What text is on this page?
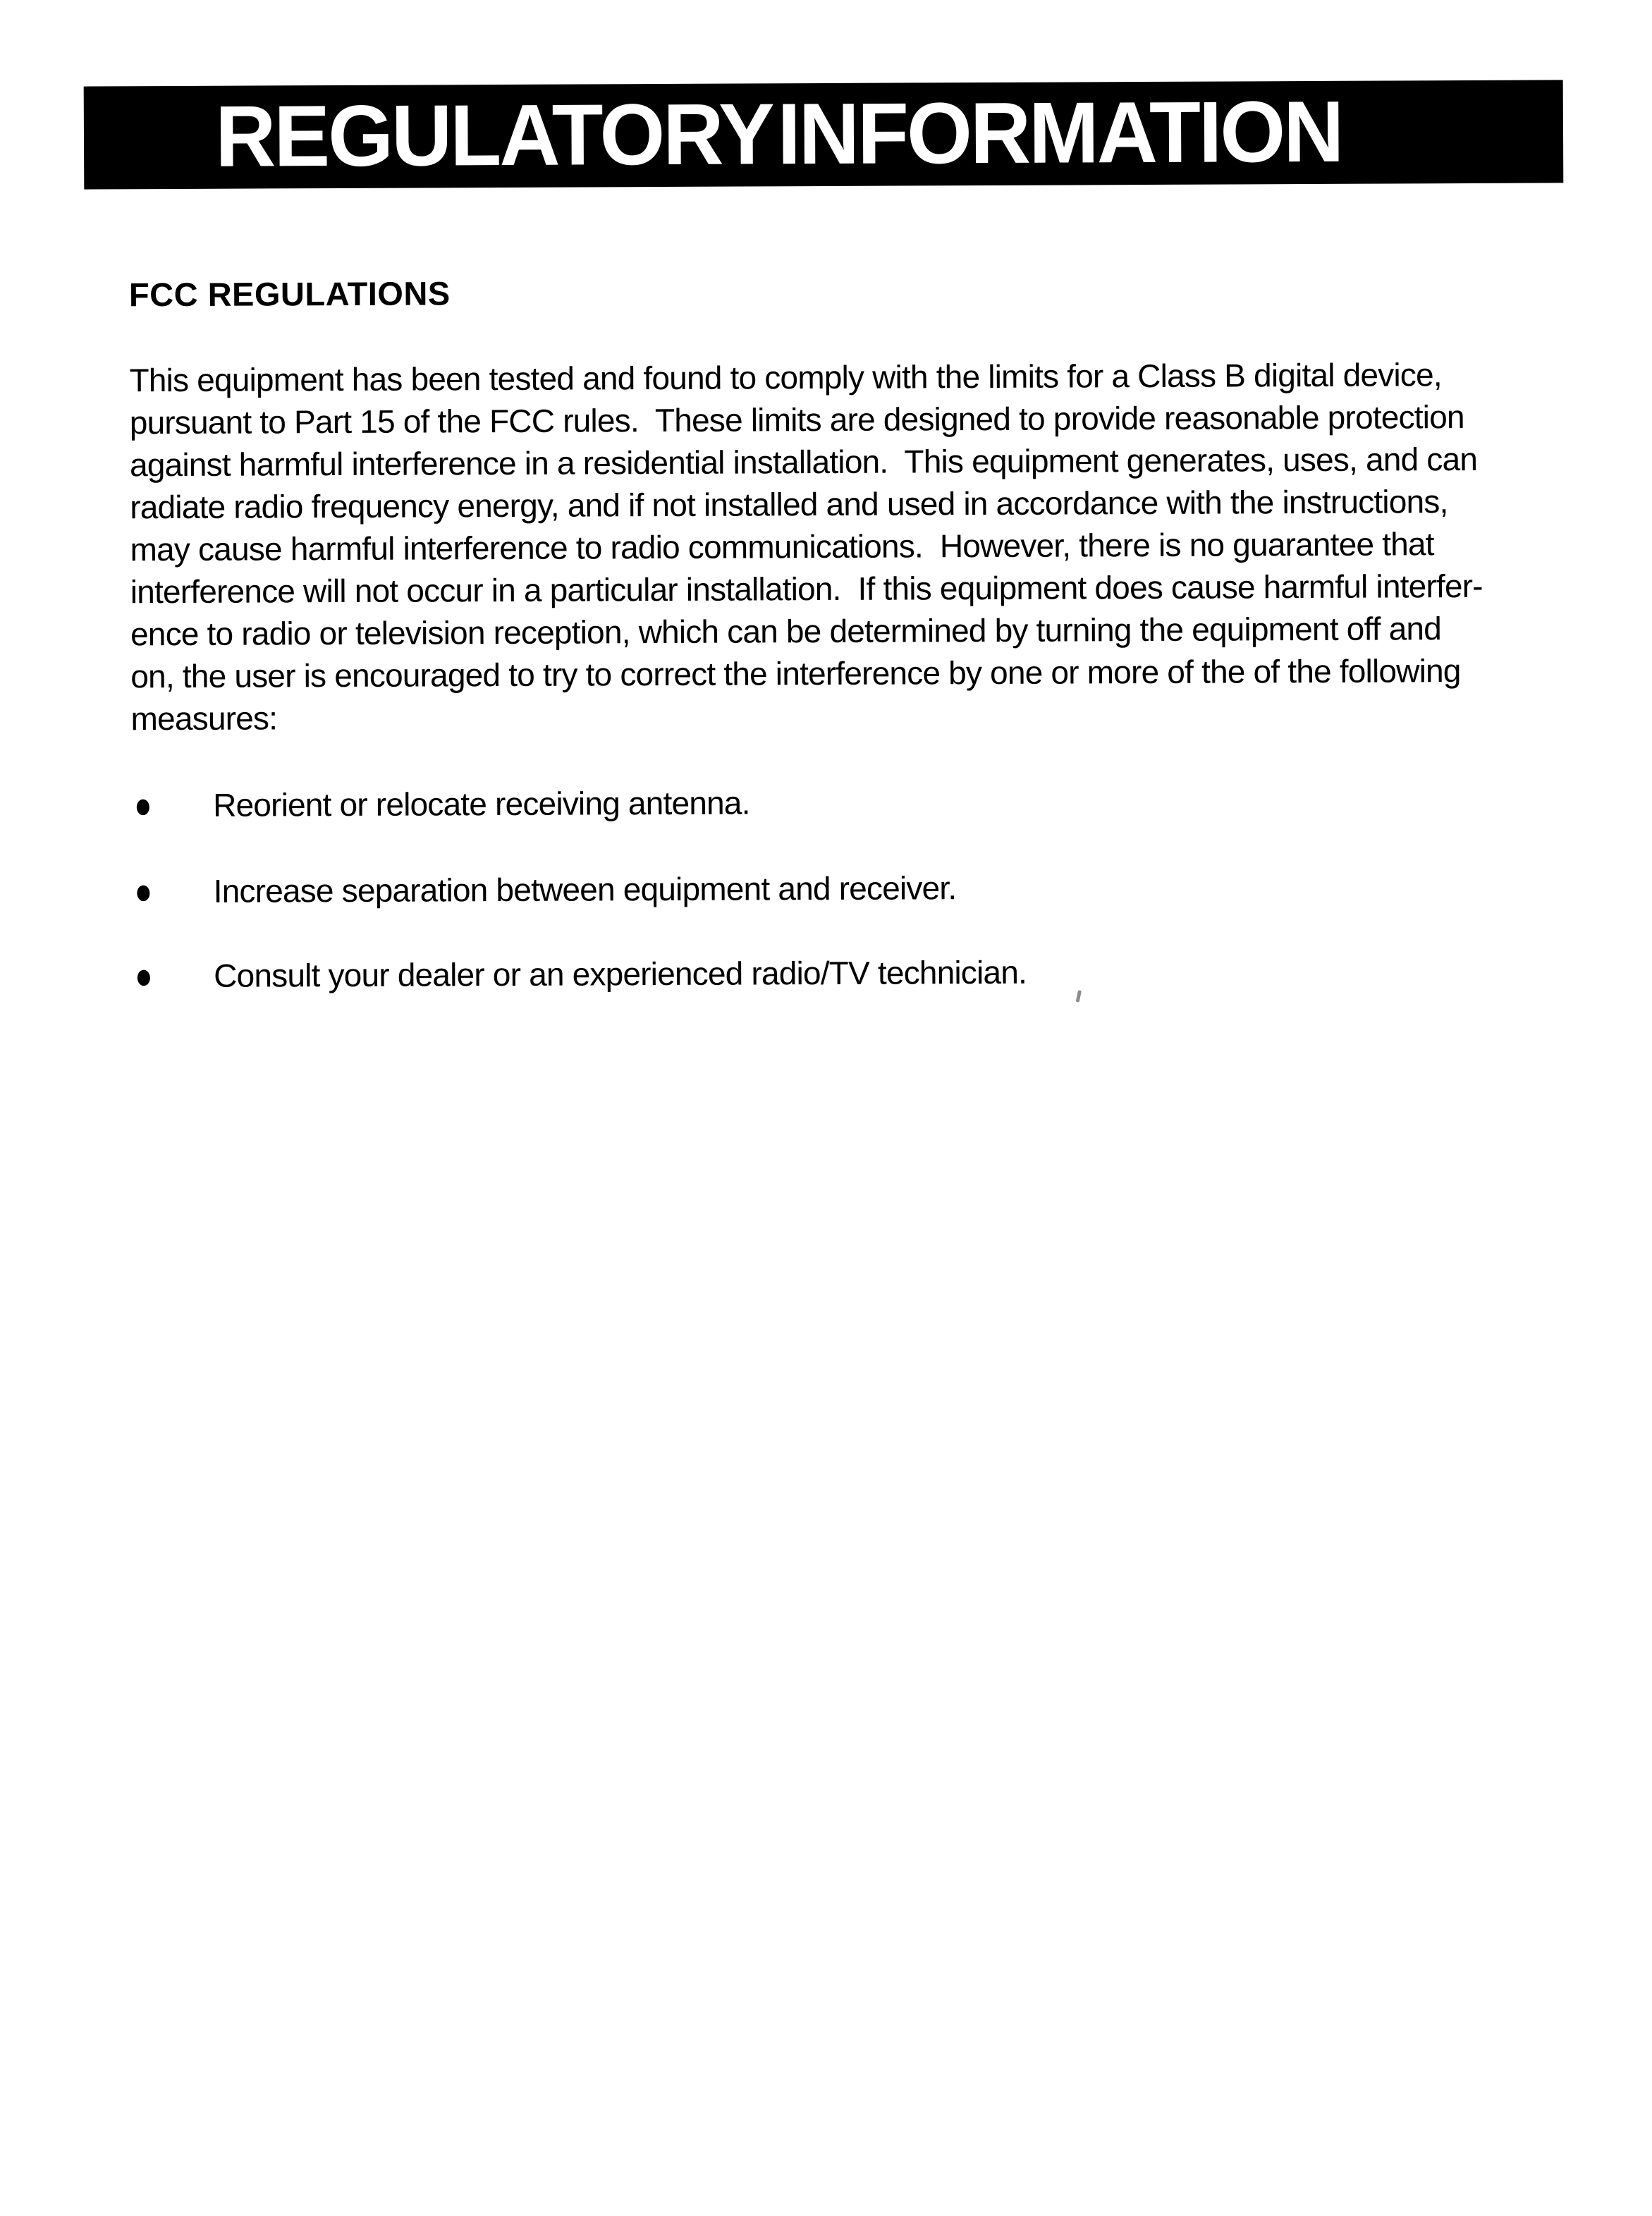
REGULATORY INFORMATION
FCC REGULATIONS
This equipment has been tested and found to comply with the limits for a Class B digital device,
pursuant to Part 15 of the FCC rules.  These limits are designed to provide reasonable protection
against harmful interference in a residential installation.  This equipment generates, uses, and can
radiate radio frequency energy, and if not installed and used in accordance with the instructions,
may cause harmful interference to radio communications.  However, there is no guarantee that
interference will not occur in a particular installation.  If this equipment does cause harmful interfer-
ence to radio or television reception, which can be determined by turning the equipment off and
on, the user is encouraged to try to correct the interference by one or more of the of the following
measures:
●	Reorient or relocate receiving antenna.
●	Increase separation between equipment and receiver.
●	Consult your dealer or an experienced radio/TV technician.
